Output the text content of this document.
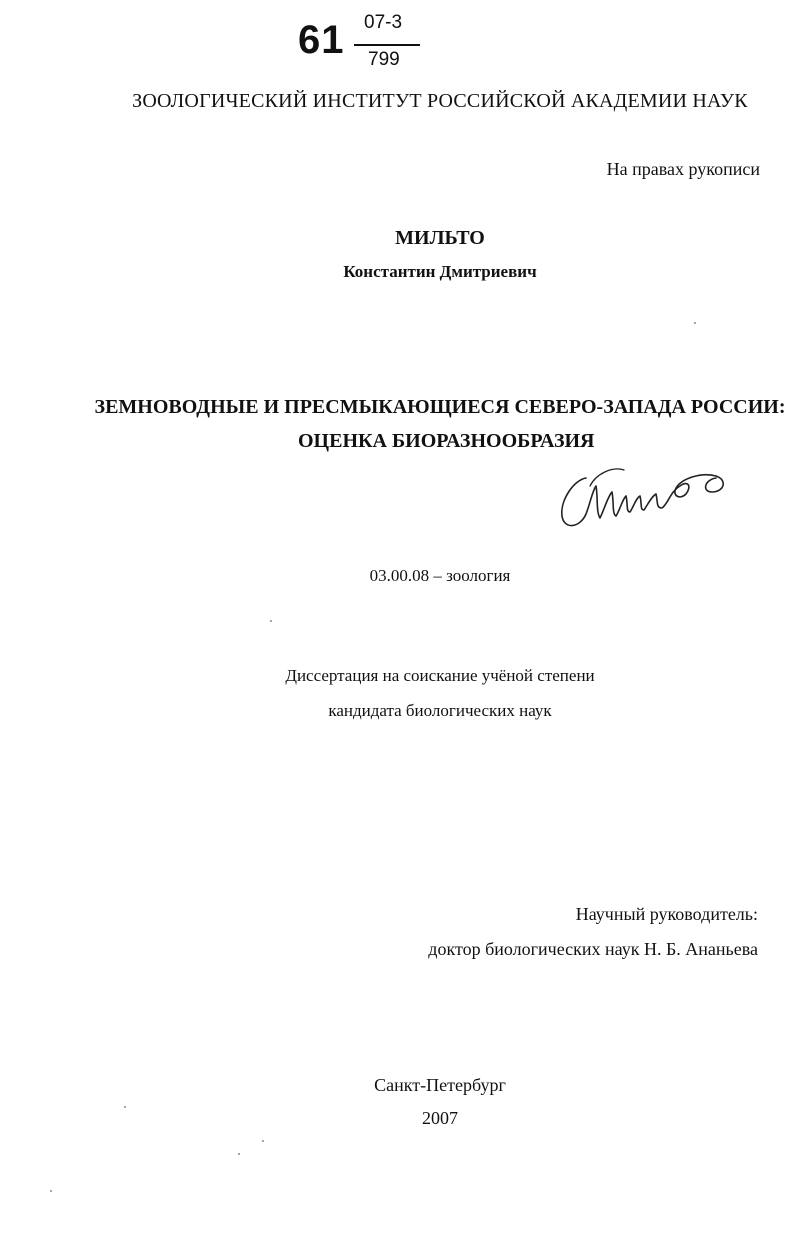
61 07-3
799
ЗООЛОГИЧЕСКИЙ ИНСТИТУТ РОССИЙСКОЙ АКАДЕМИИ НАУК
На правах рукописи
МИЛЬТО
Константин Дмитриевич
ЗЕМНОВОДНЫЕ И ПРЕСМЫКАЮЩИЕСЯ СЕВЕРО-ЗАПАДА РОССИИ:
ОЦЕНКА БИОРАЗНООБРАЗИЯ
03.00.08 – зоология
Диссертация на соискание учёной степени
кандидата биологических наук
Научный руководитель:
доктор биологических наук Н. Б. Ананьева
Санкт-Петербург
2007
